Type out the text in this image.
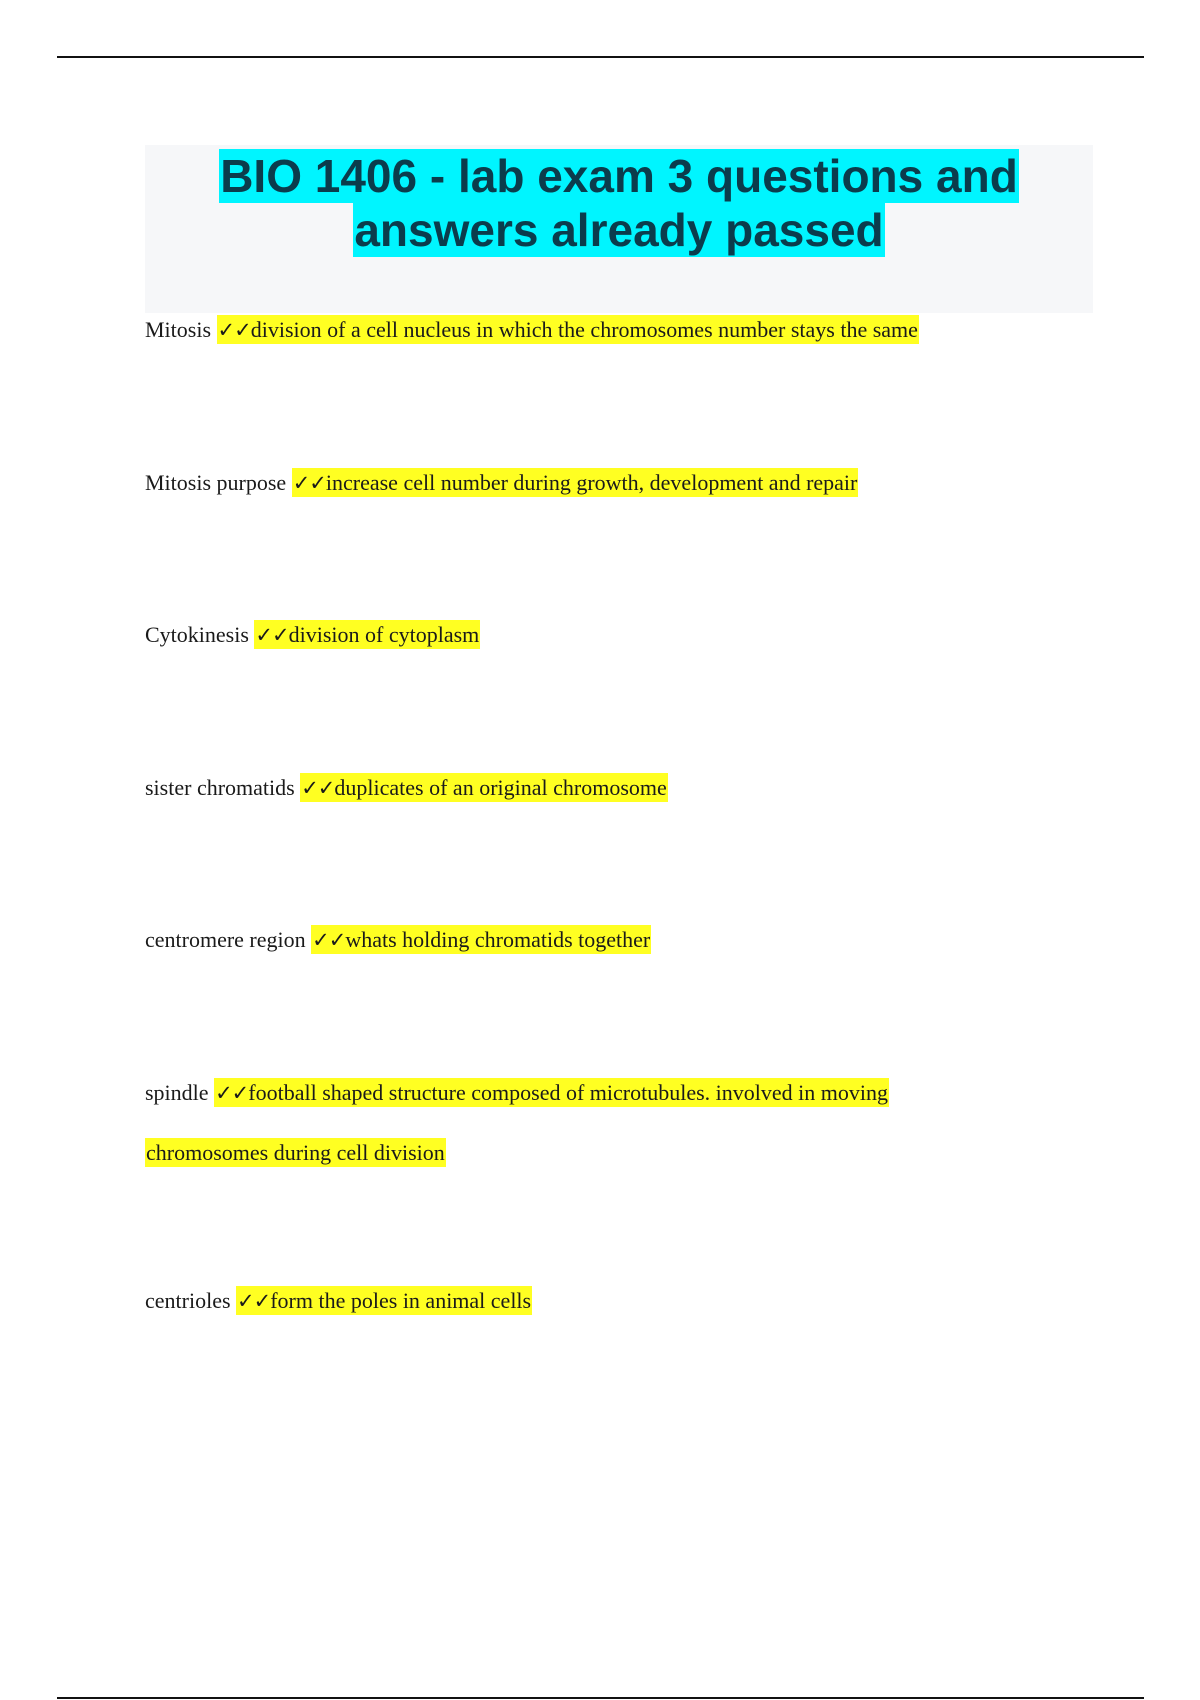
BIO 1406 - lab exam 3 questions and
answers already passed
Mitosis ✓✓division of a cell nucleus in which the chromosomes number stays the same
Mitosis purpose ✓✓increase cell number during growth, development and repair
Cytokinesis ✓✓division of cytoplasm
sister chromatids ✓✓duplicates of an original chromosome
centromere region ✓✓whats holding chromatids together
spindle ✓✓football shaped structure composed of microtubules. involved in moving
chromosomes during cell division
centrioles ✓✓form the poles in animal cells
